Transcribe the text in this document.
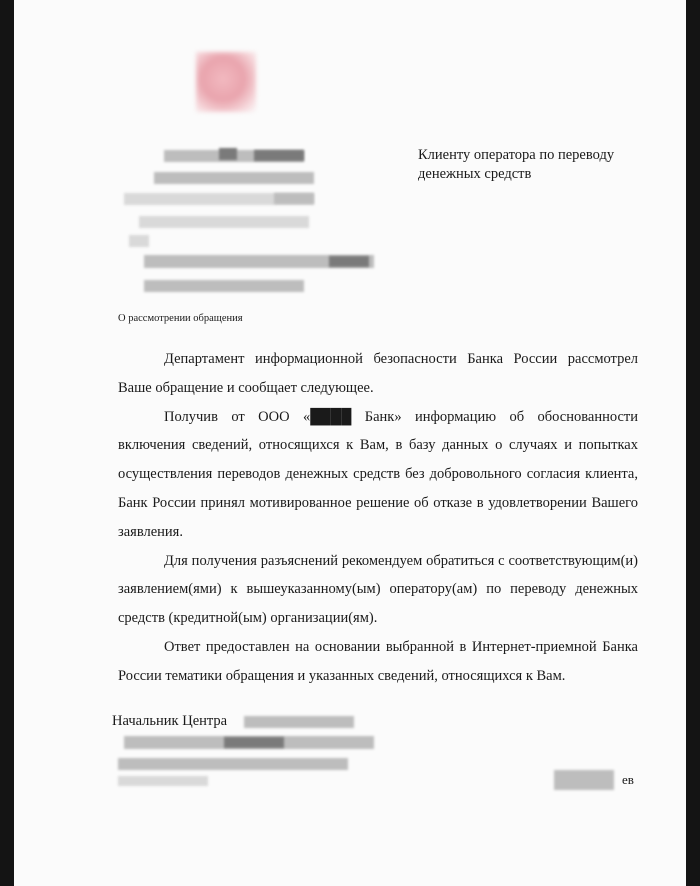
Клиенту оператора по переводу денежных средств
О рассмотрении обращения

Департамент информационной безопасности Банка России рассмотрел Ваше обращение и сообщает следующее.

Получив от ООО «████ Банк» информацию об обоснованности включения сведений, относящихся к Вам, в базу данных о случаях и попытках осуществления переводов денежных средств без добровольного согласия клиента, Банк России принял мотивированное решение об отказе в удовлетворении Вашего заявления.

Для получения разъяснений рекомендуем обратиться с соответствующим(и) заявлением(ями) к вышеуказанному(ым) оператору(ам) по переводу денежных средств (кредитной(ым) организации(ям).

Ответ предоставлен на основании выбранной в Интернет-приемной Банка России тематики обращения и указанных сведений, относящихся к Вам.

Начальник Центра
ев
